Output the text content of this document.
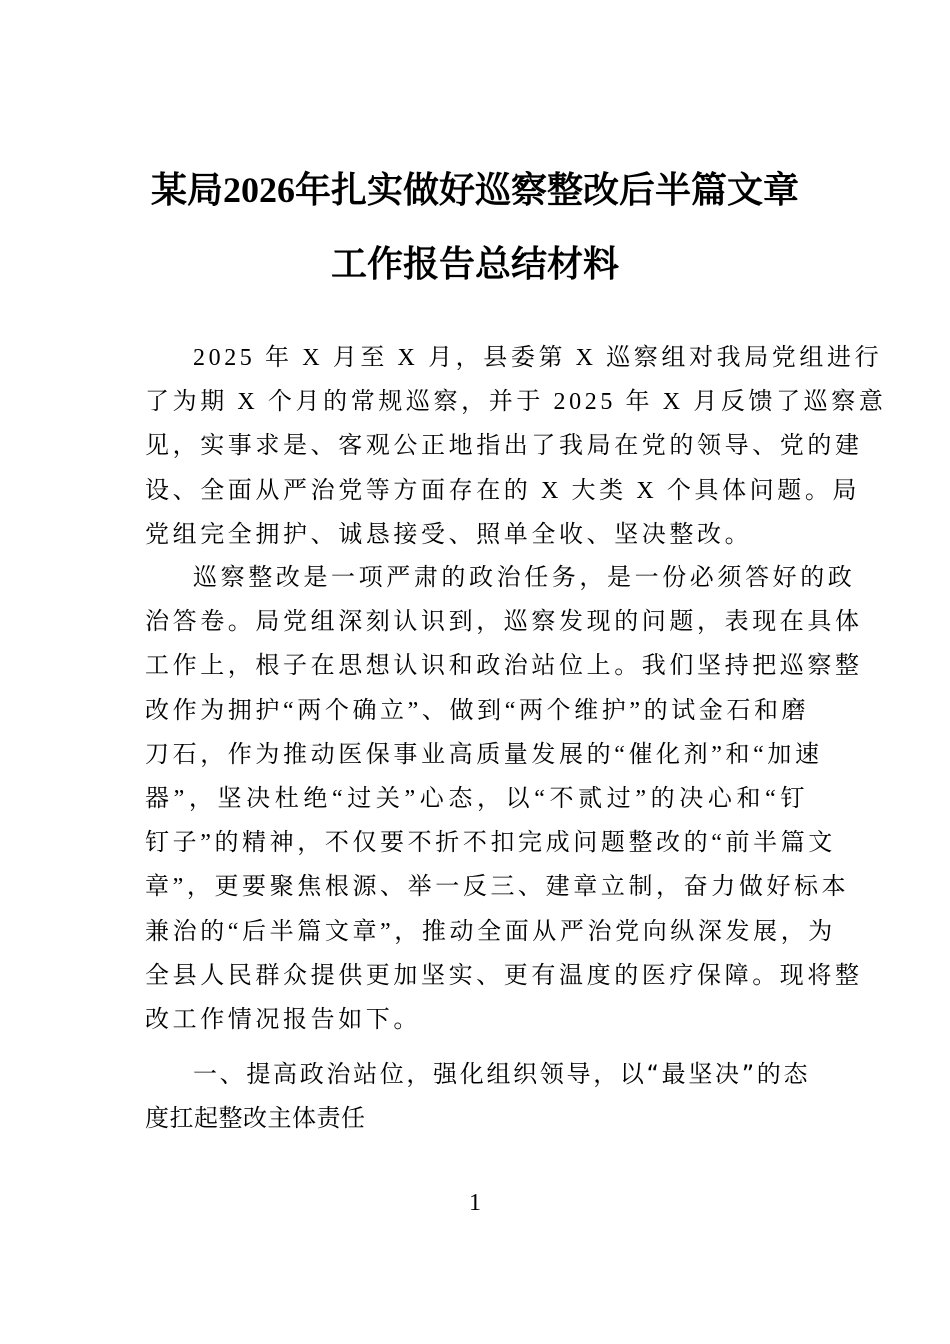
某局2026年扎实做好巡察整改后半篇文章
工作报告总结材料
2025 年 X 月至 X 月，县委第 X 巡察组对我局党组进行
了为期 X 个月的常规巡察，并于 2025 年 X 月反馈了巡察意
见，实事求是、客观公正地指出了我局在党的领导、党的建
设、全面从严治党等方面存在的 X 大类 X 个具体问题。局
党组完全拥护、诚恳接受、照单全收、坚决整改。
巡察整改是一项严肃的政治任务，是一份必须答好的政
治答卷。局党组深刻认识到，巡察发现的问题，表现在具体
工作上，根子在思想认识和政治站位上。我们坚持把巡察整
改作为拥护“两个确立”、做到“两个维护”的试金石和磨
刀石，作为推动医保事业高质量发展的“催化剂”和“加速
器”，坚决杜绝“过关”心态，以“不贰过”的决心和“钉
钉子”的精神，不仅要不折不扣完成问题整改的“前半篇文
章”，更要聚焦根源、举一反三、建章立制，奋力做好标本
兼治的“后半篇文章”，推动全面从严治党向纵深发展，为
全县人民群众提供更加坚实、更有温度的医疗保障。现将整
改工作情况报告如下。
一、提高政治站位，强化组织领导，以“最坚决”的态
度扛起整改主体责任
1
